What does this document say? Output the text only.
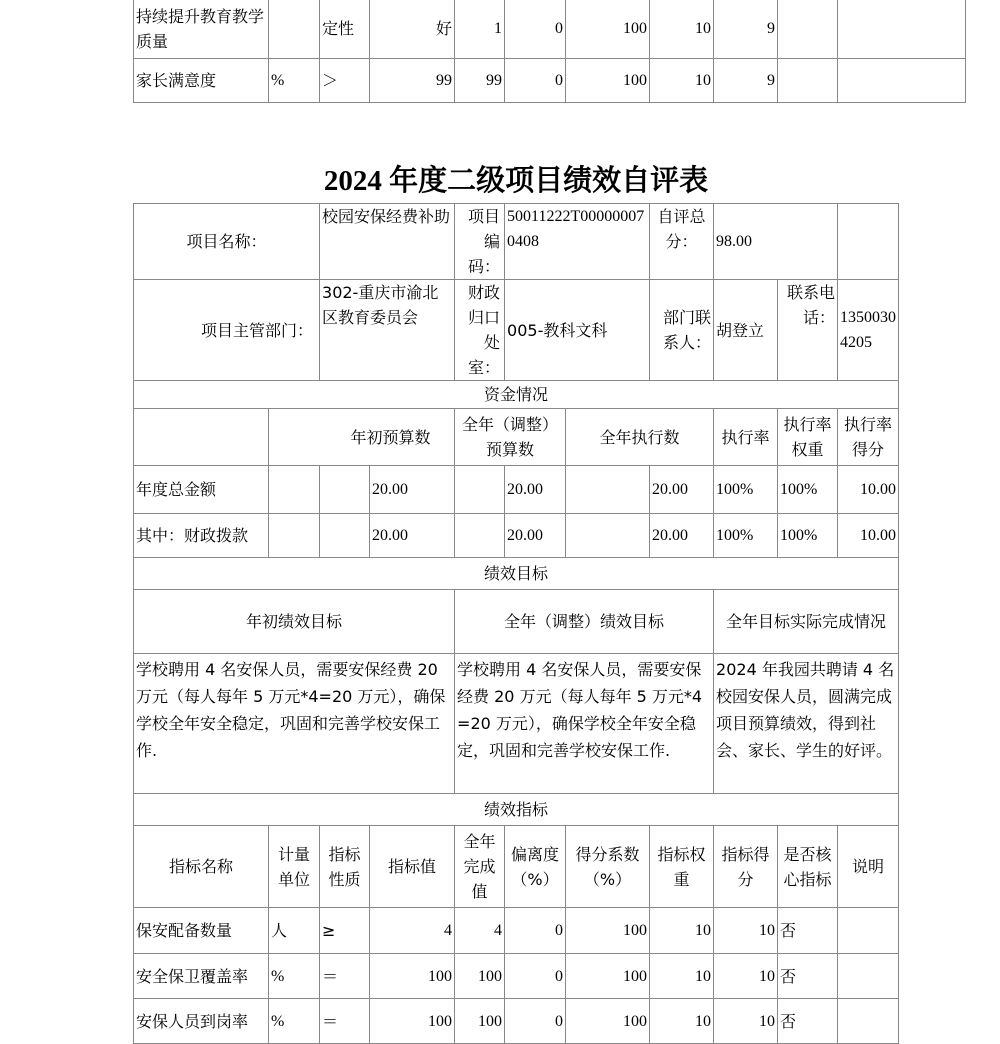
持续提升教育教学质量		定性	好	1	0	100	10	9		
家长满意度	%	＞	99	99	0	100	10	9		
2024 年度二级项目绩效自评表
项目名称：		校园安保经费补助		项目编码：	50011222T000000070408		自评总分：	98.00		
项目主管部门：		302-重庆市渝北区教育委员会		财政归口处室：	005-教科文科		部门联系人：	胡登立	联系电话：	13500304205
资金情况										
	年初预算数			全年（调整）预算数		全年执行数		执行率	执行率权重	执行率得分
年度总金额			20.00		20.00		20.00	100%	100%	10.00
其中：财政拨款			20.00		20.00		20.00	100%	100%	10.00
绩效目标										
年初绩效目标				全年（调整）绩效目标				全年目标实际完成情况		
学校聘用 4 名安保人员，需要安保经费 20 万元（每人每年 5 万元*4=20 万元），确保学校全年安全稳定，巩固和完善学校安保工作.				学校聘用 4 名安保人员，需要安保经费 20 万元（每人每年 5 万元*4=20 万元），确保学校全年安全稳定，巩固和完善学校安保工作.				2024 年我园共聘请 4 名校园安保人员，圆满完成项目预算绩效，得到社会、家长、学生的好评。		
绩效指标										
指标名称	计量单位	指标性质	指标值	全年完成值	偏离度（%）	得分系数（%）	指标权重	指标得分	是否核心指标	说明
保安配备数量	人	≥	4	4	0	100	10	10	否	
安全保卫覆盖率	%	＝	100	100	0	100	10	10	否	
安保人员到岗率	%	＝	100	100	0	100	10	10	否	
